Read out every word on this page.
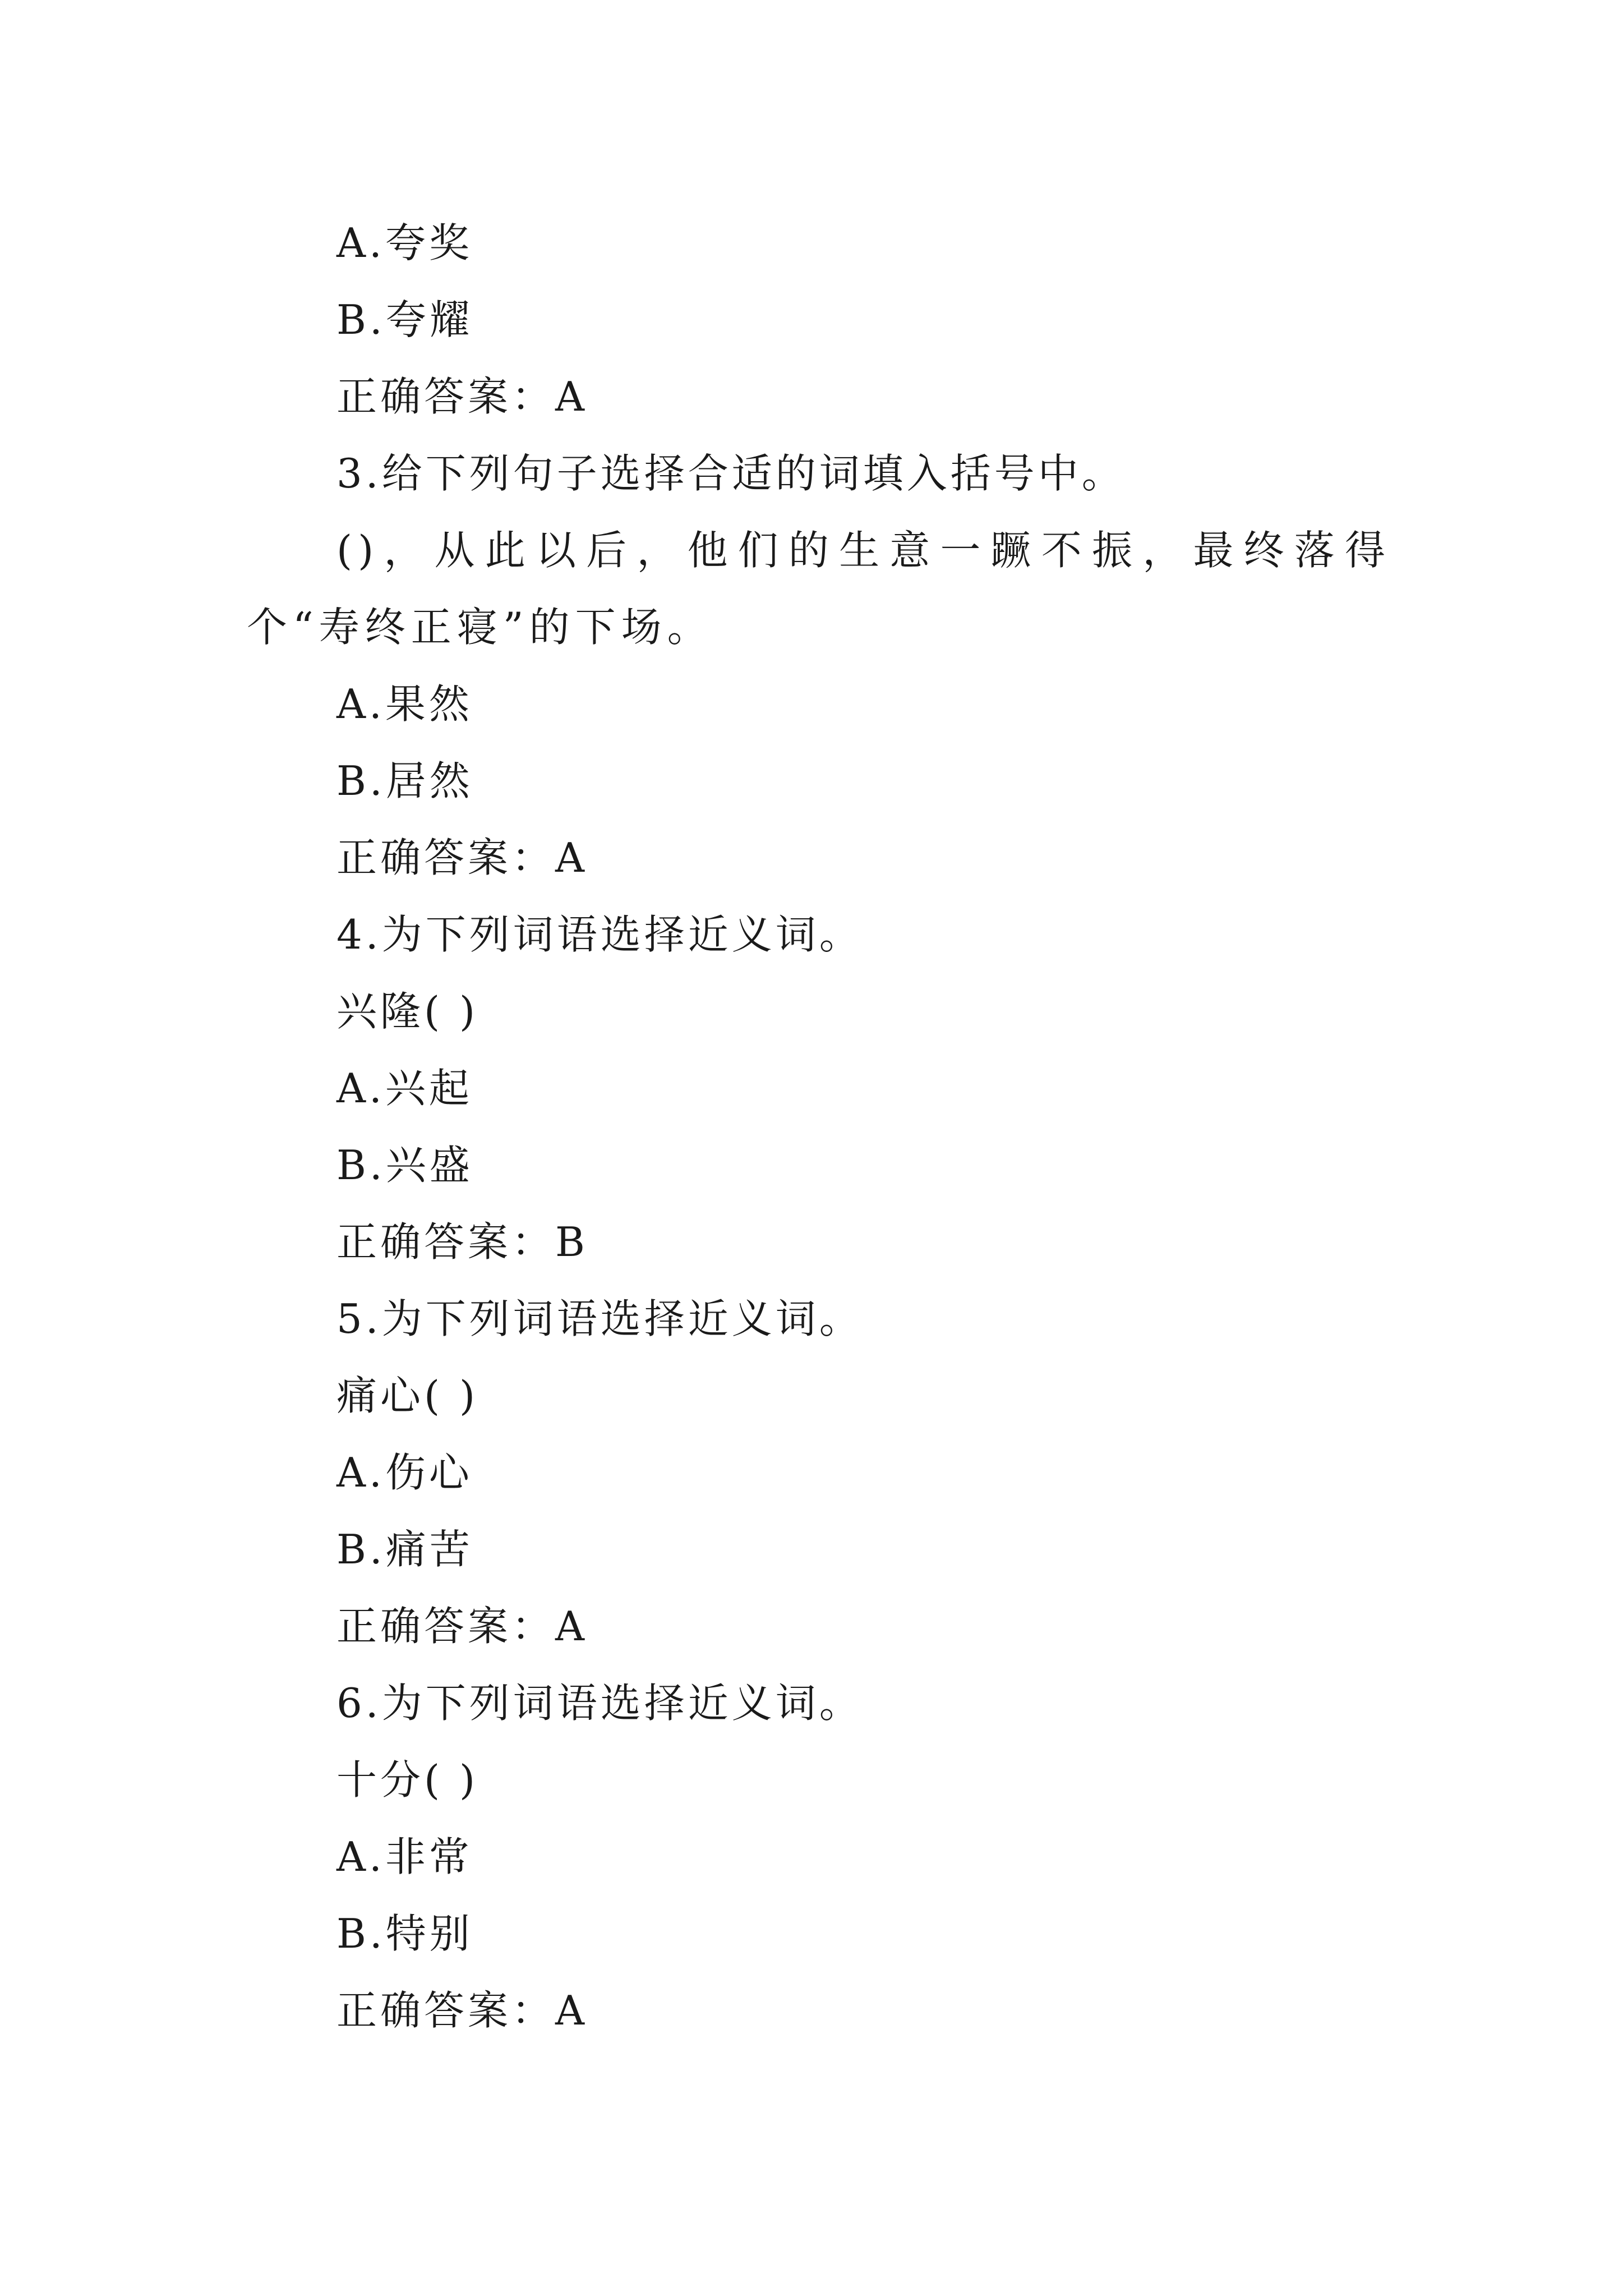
A.夸奖
B.夸耀
正确答案：A
3.给下列句子选择合适的词填入括号中。
()，从此以后，他们的生意一蹶不振，最终落得个“寿终正寝”的下场。
A.果然
B.居然
正确答案：A
4.为下列词语选择近义词。
兴隆( )
A.兴起
B.兴盛
正确答案：B
5.为下列词语选择近义词。
痛心( )
A.伤心
B.痛苦
正确答案：A
6.为下列词语选择近义词。
十分( )
A.非常
B.特别
正确答案：A
